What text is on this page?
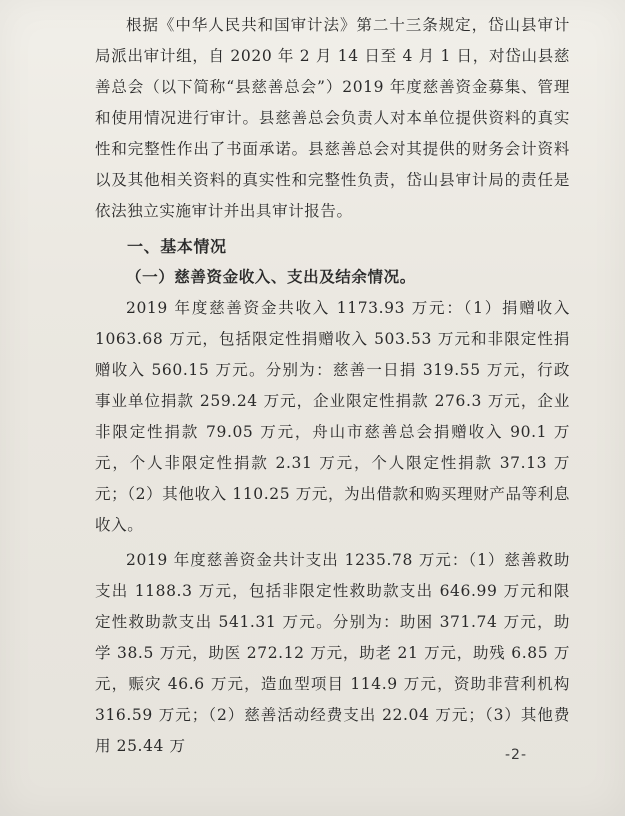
根据《中华人民共和国审计法》第二十三条规定，岱山县审计局派出审计组，自 2020 年 2 月 14 日至 4 月 1 日，对岱山县慈善总会（以下简称“县慈善总会”）2019 年度慈善资金募集、管理和使用情况进行审计。县慈善总会负责人对本单位提供资料的真实性和完整性作出了书面承诺。县慈善总会对其提供的财务会计资料以及其他相关资料的真实性和完整性负责，岱山县审计局的责任是依法独立实施审计并出具审计报告。

一、基本情况

（一）慈善资金收入、支出及结余情况。

2019 年度慈善资金共收入 1173.93 万元：（1）捐赠收入 1063.68 万元，包括限定性捐赠收入 503.53 万元和非限定性捐赠收入 560.15 万元。分别为：慈善一日捐 319.55 万元，行政事业单位捐款 259.24 万元，企业限定性捐款 276.3 万元，企业非限定性捐款 79.05 万元，舟山市慈善总会捐赠收入 90.1 万元，个人非限定性捐款 2.31 万元，个人限定性捐款 37.13 万元；（2）其他收入 110.25 万元，为出借款和购买理财产品等利息收入。

2019 年度慈善资金共计支出 1235.78 万元：（1）慈善救助支出 1188.3 万元，包括非限定性救助款支出 646.99 万元和限定性救助款支出 541.31 万元。分别为：助困 371.74 万元，助学 38.5 万元，助医 272.12 万元，助老 21 万元，助残 6.85 万元，赈灾 46.6 万元，造血型项目 114.9 万元，资助非营利机构 316.59 万元；（2）慈善活动经费支出 22.04 万元；（3）其他费用 25.44 万	-2-
